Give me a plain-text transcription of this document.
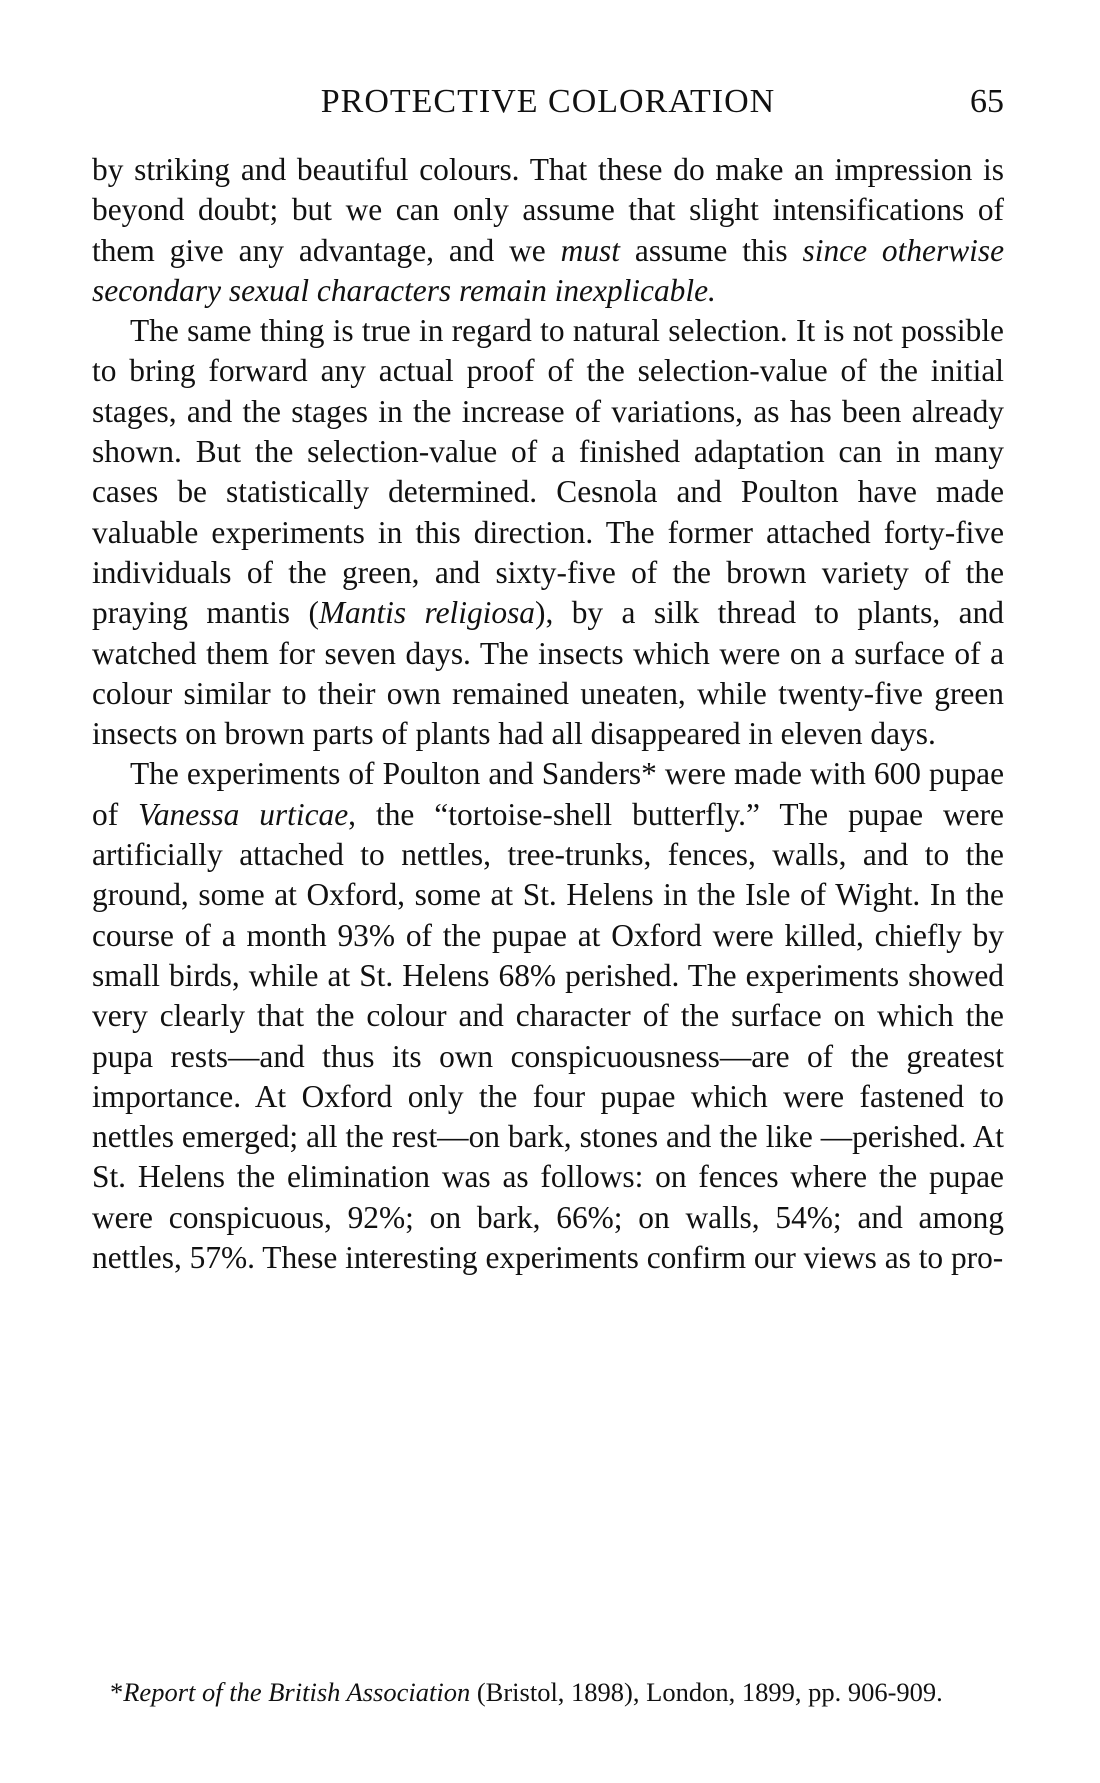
PROTECTIVE COLORATION	65

by striking and beautiful colours. That these do make an impression is beyond doubt; but we can only assume that slight intensifications of them give any advantage, and we must assume this since otherwise secondary sexual characters remain inexplicable.

The same thing is true in regard to natural selection. It is not possible to bring forward any actual proof of the selection-value of the initial stages, and the stages in the increase of variations, as has been already shown. But the selection-value of a finished adaptation can in many cases be statistically determined. Cesnola and Poulton have made valuable experiments in this direction. The former attached forty-five individuals of the green, and sixty-five of the brown variety of the praying mantis (Mantis religiosa), by a silk thread to plants, and watched them for seven days. The insects which were on a surface of a colour similar to their own remained uneaten, while twenty-five green insects on brown parts of plants had all disappeared in eleven days.

The experiments of Poulton and Sanders* were made with 600 pupae of Vanessa urticae, the “tortoise-shell butterfly.” The pupae were artificially attached to nettles, tree-trunks, fences, walls, and to the ground, some at Oxford, some at St. Helens in the Isle of Wight. In the course of a month 93% of the pupae at Oxford were killed, chiefly by small birds, while at St. Helens 68% perished. The experiments showed very clearly that the colour and character of the surface on which the pupa rests—and thus its own conspicuousness—are of the greatest importance. At Oxford only the four pupae which were fastened to nettles emerged; all the rest—on bark, stones and the like —perished. At St. Helens the elimination was as follows: on fences where the pupae were conspicuous, 92%; on bark, 66%; on walls, 54%; and among nettles, 57%. These interesting experiments confirm our views as to pro-

*Report of the British Association (Bristol, 1898), London, 1899, pp. 906-909.
